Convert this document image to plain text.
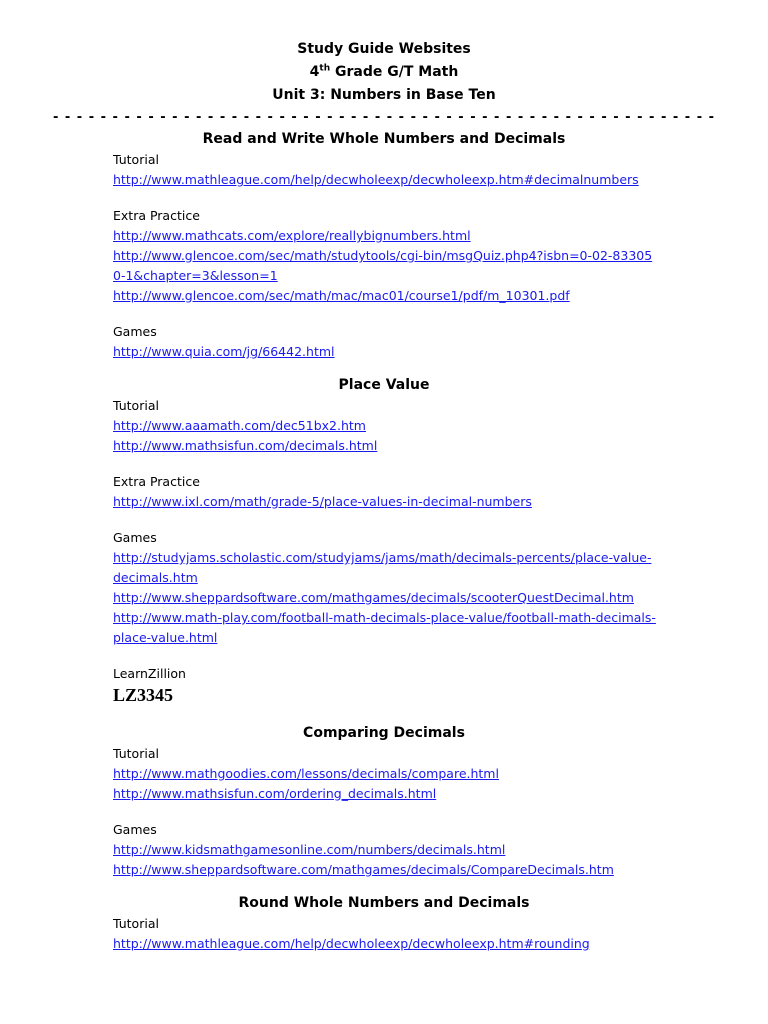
Study Guide Websites
4th Grade G/T Math
Unit 3: Numbers in Base Ten
- - - - - - - - - - - - - - - - - - - - - - - - - - - - - - - - - - - - - - - - - - - - - - - - - - - - - - - -
Read and Write Whole Numbers and Decimals
Tutorial
http://www.mathleague.com/help/decwholeexp/decwholeexp.htm#decimalnumbers
Extra Practice
http://www.mathcats.com/explore/reallybignumbers.html
http://www.glencoe.com/sec/math/studytools/cgi-bin/msgQuiz.php4?isbn=0-02-833050-1&chapter=3&lesson=1
http://www.glencoe.com/sec/math/mac/mac01/course1/pdf/m_10301.pdf
Games
http://www.quia.com/jg/66442.html
Place Value
Tutorial
http://www.aaamath.com/dec51bx2.htm
http://www.mathsisfun.com/decimals.html
Extra Practice
http://www.ixl.com/math/grade-5/place-values-in-decimal-numbers
Games
http://studyjams.scholastic.com/studyjams/jams/math/decimals-percents/place-value-decimals.htm
http://www.sheppardsoftware.com/mathgames/decimals/scooterQuestDecimal.htm
http://www.math-play.com/football-math-decimals-place-value/football-math-decimals-place-value.html
LearnZillion
LZ3345
Comparing Decimals
Tutorial
http://www.mathgoodies.com/lessons/decimals/compare.html
http://www.mathsisfun.com/ordering_decimals.html
Games
http://www.kidsmathgamesonline.com/numbers/decimals.html
http://www.sheppardsoftware.com/mathgames/decimals/CompareDecimals.htm
Round Whole Numbers and Decimals
Tutorial
http://www.mathleague.com/help/decwholeexp/decwholeexp.htm#rounding
